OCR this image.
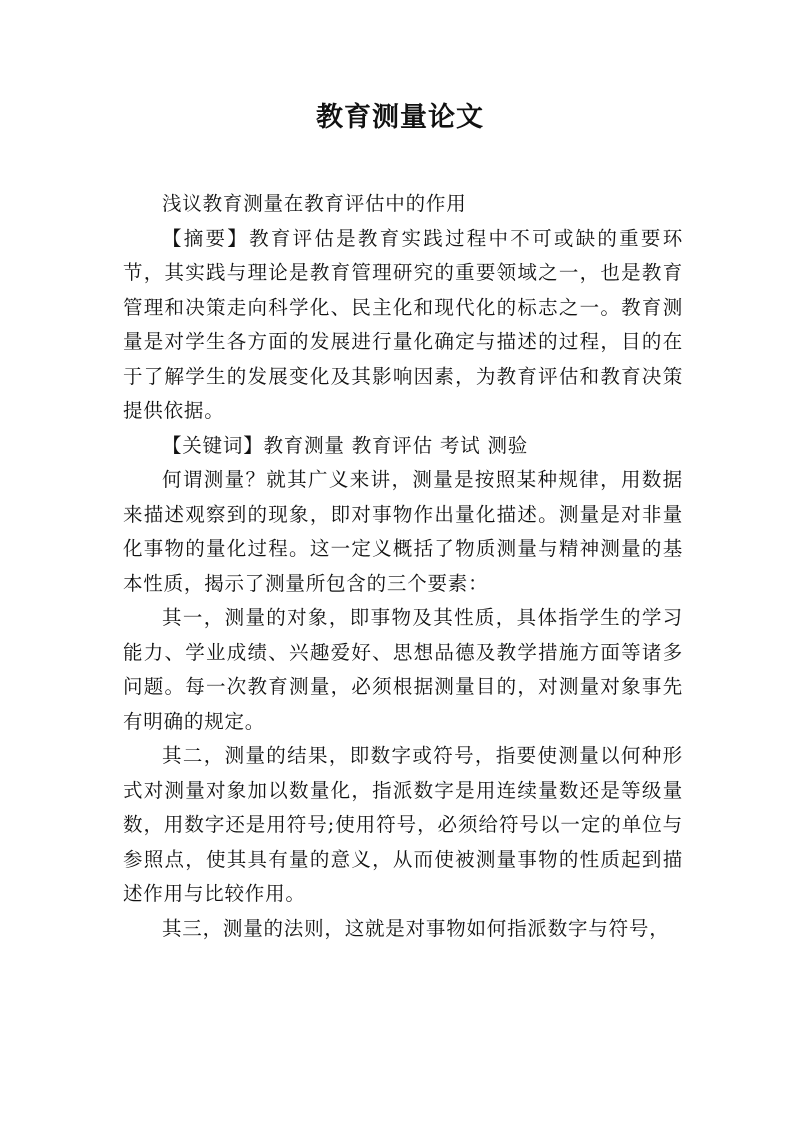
教育测量论文

浅议教育测量在教育评估中的作用

【摘要】教育评估是教育实践过程中不可或缺的重要环节，其实践与理论是教育管理研究的重要领域之一，也是教育管理和决策走向科学化、民主化和现代化的标志之一。教育测量是对学生各方面的发展进行量化确定与描述的过程，目的在于了解学生的发展变化及其影响因素，为教育评估和教育决策提供依据。

【关键词】教育测量 教育评估 考试 测验

何谓测量？就其广义来讲，测量是按照某种规律，用数据来描述观察到的现象，即对事物作出量化描述。测量是对非量化事物的量化过程。这一定义概括了物质测量与精神测量的基本性质，揭示了测量所包含的三个要素：

其一，测量的对象，即事物及其性质，具体指学生的学习能力、学业成绩、兴趣爱好、思想品德及教学措施方面等诸多问题。每一次教育测量，必须根据测量目的，对测量对象事先有明确的规定。

其二，测量的结果，即数字或符号，指要使测量以何种形式对测量对象加以数量化，指派数字是用连续量数还是等级量数，用数字还是用符号;使用符号，必须给符号以一定的单位与参照点，使其具有量的意义，从而使被测量事物的性质起到描述作用与比较作用。

其三，测量的法则，这就是对事物如何指派数字与符号，
